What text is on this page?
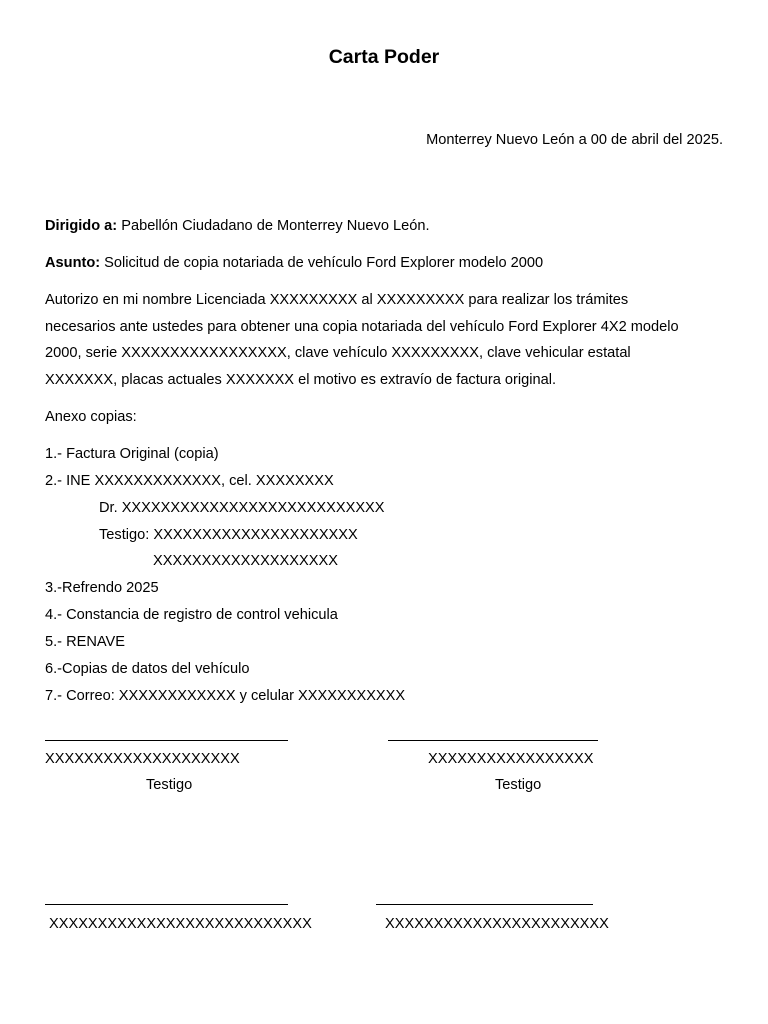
Carta Poder
Monterrey Nuevo León a 00 de abril del 2025.
Dirigido a: Pabellón Ciudadano de Monterrey Nuevo León.
Asunto: Solicitud de copia notariada de vehículo Ford Explorer modelo 2000
Autorizo en mi nombre Licenciada XXXXXXXXX al XXXXXXXXX para realizar los trámites
necesarios ante ustedes para obtener una copia notariada del vehículo Ford Explorer 4X2 modelo
2000, serie XXXXXXXXXXXXXXXXX, clave vehículo XXXXXXXXX, clave vehicular estatal
XXXXXXX, placas actuales XXXXXXX el motivo es extravío de factura original.
Anexo copias:
1.- Factura Original (copia)
2.- INE XXXXXXXXXXXXX, cel. XXXXXXXX
Dr. XXXXXXXXXXXXXXXXXXXXXXXXXXX
Testigo: XXXXXXXXXXXXXXXXXXXXX
XXXXXXXXXXXXXXXXXXX
3.-Refrendo 2025
4.- Constancia de registro de control vehicula
5.- RENAVE
6.-Copias de datos del vehículo
7.- Correo: XXXXXXXXXXXX y celular XXXXXXXXXXX
XXXXXXXXXXXXXXXXXXXX	XXXXXXXXXXXXXXXXX
Testigo	Testigo
XXXXXXXXXXXXXXXXXXXXXXXXXXX	XXXXXXXXXXXXXXXXXXXXXXX
